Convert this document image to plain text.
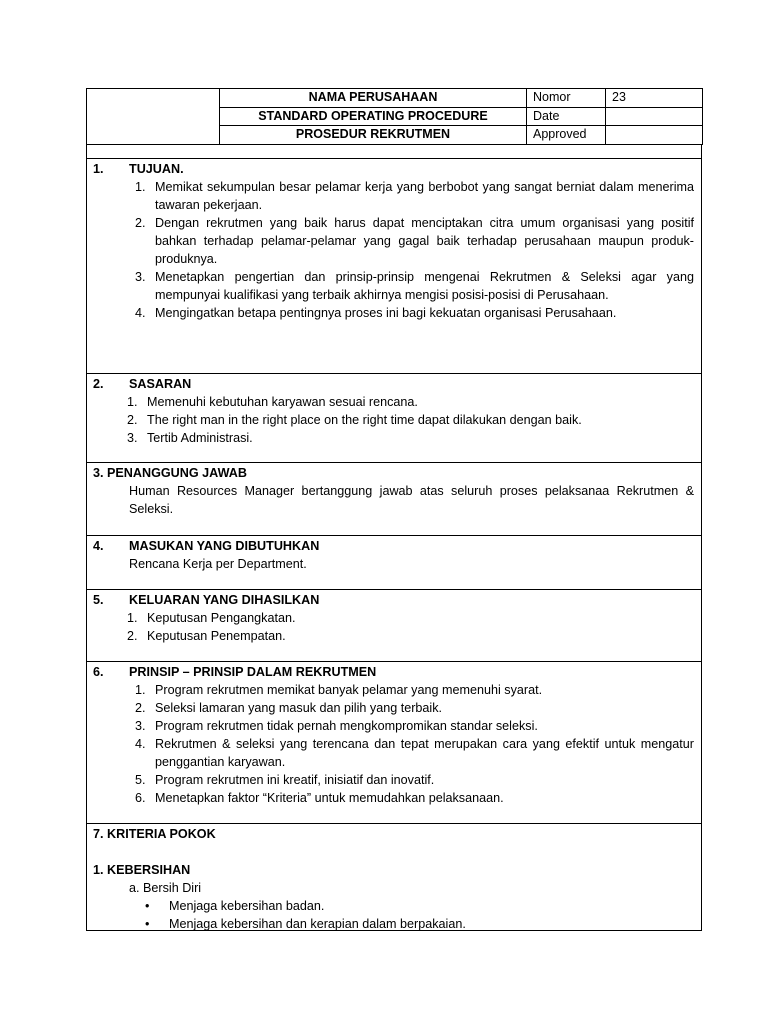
	NAMA PERUSAHAAN	Nomor	23
	STANDARD OPERATING PROCEDURE	Date	
	PROSEDUR REKRUTMEN	Approved	
1.	TUJUAN.
1. Memikat sekumpulan besar pelamar kerja yang berbobot yang sangat berniat dalam menerima tawaran pekerjaan.
2. Dengan rekrutmen yang baik harus dapat menciptakan citra umum organisasi yang positif bahkan terhadap pelamar-pelamar yang gagal baik terhadap perusahaan maupun produk-produknya.
3. Menetapkan pengertian dan prinsip-prinsip mengenai Rekrutmen & Seleksi agar yang mempunyai kualifikasi yang terbaik akhirnya mengisi posisi-posisi di Perusahaan.
4. Mengingatkan betapa pentingnya proses ini bagi kekuatan organisasi Perusahaan.
2.	SASARAN
1. Memenuhi kebutuhan karyawan sesuai rencana.
2. The right man in the right place on the right time dapat dilakukan dengan baik.
3. Tertib Administrasi.
3. PENANGGUNG JAWAB
Human Resources Manager bertanggung jawab atas seluruh proses pelaksanaa Rekrutmen & Seleksi.
4.	MASUKAN YANG DIBUTUHKAN
Rencana Kerja per Department.
5.	KELUARAN YANG DIHASILKAN
1. Keputusan Pengangkatan.
2. Keputusan Penempatan.
6.	PRINSIP – PRINSIP DALAM REKRUTMEN
1. Program rekrutmen memikat banyak pelamar yang memenuhi syarat.
2. Seleksi lamaran yang masuk dan pilih yang terbaik.
3. Program rekrutmen tidak pernah mengkompromikan standar seleksi.
4. Rekrutmen & seleksi yang terencana dan tepat merupakan cara yang efektif untuk mengatur penggantian karyawan.
5. Program rekrutmen ini kreatif, inisiatif dan inovatif.
6. Menetapkan faktor “Kriteria” untuk memudahkan pelaksanaan.
7. KRITERIA POKOK
1. KEBERSIHAN
a. Bersih Diri
•	Menjaga kebersihan badan.
•	Menjaga kebersihan dan kerapian dalam berpakaian.
